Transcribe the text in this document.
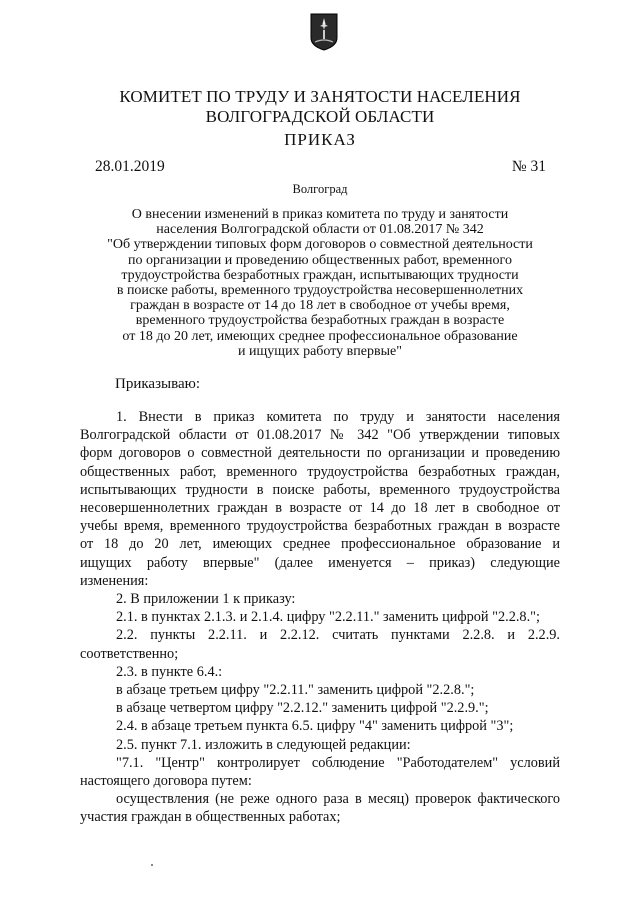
КОМИТЕТ ПО ТРУДУ И ЗАНЯТОСТИ НАСЕЛЕНИЯ
ВОЛГОГРАДСКОЙ ОБЛАСТИ
ПРИКАЗ
28.01.2019	№ 31
Волгоград
О внесении изменений в приказ комитета по труду и занятости
населения Волгоградской области от 01.08.2017 № 342
"Об утверждении типовых форм договоров о совместной деятельности
по организации и проведению общественных работ, временного
трудоустройства безработных граждан, испытывающих трудности
в поиске работы, временного трудоустройства несовершеннолетних
граждан в возрасте от 14 до 18 лет в свободное от учебы время,
временного трудоустройства безработных граждан в возрасте
от 18 до 20 лет, имеющих среднее профессиональное образование
и ищущих работу впервые"
Приказываю:
1. Внести в приказ комитета по труду и занятости населения
Волгоградской области от 01.08.2017 № 342 "Об утверждении типовых
форм договоров о совместной деятельности по организации и проведению
общественных работ, временного трудоустройства безработных граждан,
испытывающих трудности в поиске работы, временного трудоустройства
несовершеннолетних граждан в возрасте от 14 до 18 лет в свободное от
учебы время, временного трудоустройства безработных граждан в возрасте
от 18 до 20 лет, имеющих среднее профессиональное образование и
ищущих работу впервые" (далее именуется – приказ) следующие
изменения:
2. В приложении 1 к приказу:
2.1. в пунктах 2.1.3. и 2.1.4. цифру "2.2.11." заменить цифрой "2.2.8.";
2.2. пункты 2.2.11. и 2.2.12. считать пунктами 2.2.8. и 2.2.9.
соответственно;
2.3. в пункте 6.4.:
в абзаце третьем цифру "2.2.11." заменить цифрой "2.2.8.";
в абзаце четвертом цифру "2.2.12." заменить цифрой "2.2.9.";
2.4. в абзаце третьем пункта 6.5. цифру "4" заменить цифрой "3";
2.5. пункт 7.1. изложить в следующей редакции:
"7.1. "Центр" контролирует соблюдение "Работодателем" условий
настоящего договора путем:
осуществления (не реже одного раза в месяц) проверок фактического
участия граждан в общественных работах;
